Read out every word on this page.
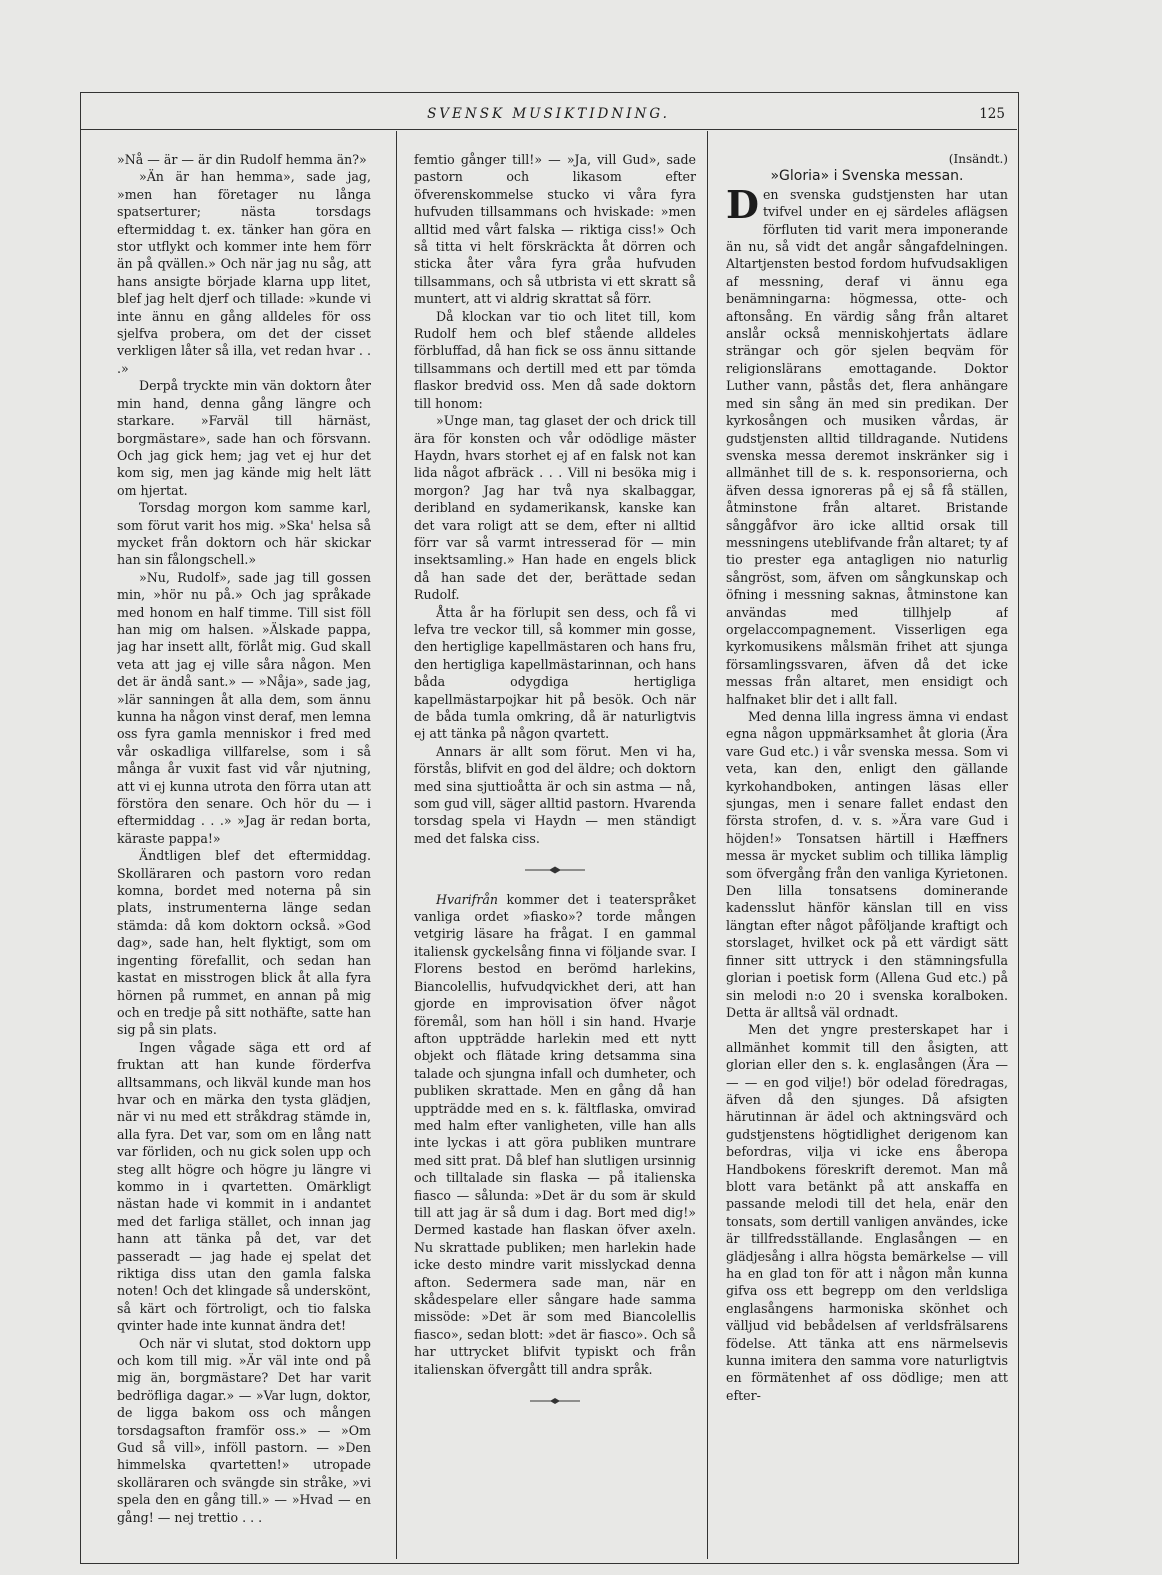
SVENSK MUSIKTIDNING.	125

»Nå — är — är din Rudolf hemma än?»

»Än är han hemma», sade jag, »men han företager nu långa spatserturer; nästa torsdags eftermiddag t. ex. tänker han göra en stor utflykt och kommer inte hem förr än på qvällen.» Och när jag nu såg, att hans ansigte började klarna upp litet, blef jag helt djerf och tillade: »kunde vi inte ännu en gång alldeles för oss sjelfva probera, om det der cisset verkligen låter så illa, vet redan hvar . . .»

Derpå tryckte min vän doktorn åter min hand, denna gång längre och starkare. »Farväl till härnäst, borgmästare», sade han och försvann. Och jag gick hem; jag vet ej hur det kom sig, men jag kände mig helt lätt om hjertat.

Torsdag morgon kom samme karl, som förut varit hos mig. »Ska' helsa så mycket från doktorn och här skickar han sin fålongschell.»

»Nu, Rudolf», sade jag till gossen min, »hör nu på.» Och jag språkade med honom en half timme. Till sist föll han mig om halsen. »Älskade pappa, jag har insett allt, förlåt mig. Gud skall veta att jag ej ville såra någon. Men det är ändå sant.» — »Nåja», sade jag, »lär sanningen åt alla dem, som ännu kunna ha någon vinst deraf, men lemna oss fyra gamla menniskor i fred med vår oskadliga villfarelse, som i så många år vuxit fast vid vår njutning, att vi ej kunna utrota den förra utan att förstöra den senare. Och hör du — i eftermiddag . . .» »Jag är redan borta, käraste pappa!»

Ändtligen blef det eftermiddag. Skolläraren och pastorn voro redan komna, bordet med noterna på sin plats, instrumenterna länge sedan stämda: då kom doktorn också. »God dag», sade han, helt flyktigt, som om ingenting förefallit, och sedan han kastat en misstrogen blick åt alla fyra hörnen på rummet, en annan på mig och en tredje på sitt nothäfte, satte han sig på sin plats.

Ingen vågade säga ett ord af fruktan att han kunde förderfva alltsammans, och likväl kunde man hos hvar och en märka den tysta glädjen, när vi nu med ett stråkdrag stämde in, alla fyra. Det var, som om en lång natt var förliden, och nu gick solen upp och steg allt högre och högre ju längre vi kommo in i qvartetten. Omärkligt nästan hade vi kommit in i andantet med det farliga stället, och innan jag hann att tänka på det, var det passeradt — jag hade ej spelat det riktiga diss utan den gamla falska noten! Och det klingade så underskönt, så kärt och förtroligt, och tio falska qvinter hade inte kunnat ändra det!

Och när vi slutat, stod doktorn upp och kom till mig. »Är väl inte ond på mig än, borgmästare? Det har varit bedröfliga dagar.» — »Var lugn, doktor, de ligga bakom oss och mången torsdagsafton framför oss.» — »Om Gud så vill», inföll pastorn. — »Den himmelska qvartetten!» utropade skolläraren och svängde sin stråke, »vi spela den en gång till.» — »Hvad — en gång! — nej trettio . . .

femtio gånger till!» — »Ja, vill Gud», sade pastorn och likasom efter öfverenskommelse stucko vi våra fyra hufvuden tillsammans och hviskade: »men alltid med vårt falska — riktiga ciss!» Och så titta vi helt förskräckta åt dörren och sticka åter våra fyra gråa hufvuden tillsammans, och så utbrista vi ett skratt så muntert, att vi aldrig skrattat så förr.

Då klockan var tio och litet till, kom Rudolf hem och blef stående alldeles förbluffad, då han fick se oss ännu sittande tillsammans och dertill med ett par tömda flaskor bredvid oss. Men då sade doktorn till honom:

»Unge man, tag glaset der och drick till ära för konsten och vår odödlige mäster Haydn, hvars storhet ej af en falsk not kan lida något afbräck . . . Vill ni besöka mig i morgon? Jag har två nya skalbaggar, deribland en sydamerikansk, kanske kan det vara roligt att se dem, efter ni alltid förr var så varmt intresserad för — min insektsamling.» Han hade en engels blick då han sade det der, berättade sedan Rudolf.

Åtta år ha förlupit sen dess, och få vi lefva tre veckor till, så kommer min gosse, den hertiglige kapellmästaren och hans fru, den hertigliga kapellmästarinnan, och hans båda odygdiga hertigliga kapellmästarpojkar hit på besök. Och när de båda tumla omkring, då är naturligtvis ej att tänka på någon qvartett.

Annars är allt som förut. Men vi ha, förstås, blifvit en god del äldre; och doktorn med sina sjuttioåtta är och sin astma — nå, som gud vill, säger alltid pastorn. Hvarenda torsdag spela vi Haydn — men ständigt med det falska ciss.

Hvarifrån kommer det i teaterspråket vanliga ordet »fiasko»? torde mången vetgirig läsare ha frågat. I en gammal italiensk gyckelsång finna vi följande svar. I Florens bestod en berömd harlekins, Biancolellis, hufvudqvickhet deri, att han gjorde en improvisation öfver något föremål, som han höll i sin hand. Hvarje afton uppträdde harlekin med ett nytt objekt och flätade kring detsamma sina talade och sjungna infall och dumheter, och publiken skrattade. Men en gång då han uppträdde med en s. k. fältflaska, omvirad med halm efter vanligheten, ville han alls inte lyckas i att göra publiken muntrare med sitt prat. Då blef han slutligen ursinnig och tilltalade sin flaska — på italienska fiasco — sålunda: »Det är du som är skuld till att jag är så dum i dag. Bort med dig!» Dermed kastade han flaskan öfver axeln. Nu skrattade publiken; men harlekin hade icke desto mindre varit misslyckad denna afton. Sedermera sade man, när en skådespelare eller sångare hade samma missöde: »Det är som med Biancolellis fiasco», sedan blott: »det är fiasco». Och så har uttrycket blifvit typiskt och från italienskan öfvergått till andra språk.

(Insändt.)

»Gloria» i Svenska messan.

Den svenska gudstjensten har utan tvifvel under en ej särdeles aflägsen förfluten tid varit mera imponerande än nu, så vidt det angår sångafdelningen. Altartjensten bestod fordom hufvudsakligen af messning, deraf vi ännu ega benämningarna: högmessa, otte- och aftonsång. En värdig sång från altaret anslår också menniskohjertats ädlare strängar och gör sjelen beqväm för religionslärans emottagande. Doktor Luther vann, påstås det, flera anhängare med sin sång än med sin predikan. Der kyrkosången och musiken vårdas, är gudstjensten alltid tilldragande. Nutidens svenska messa deremot inskränker sig i allmänhet till de s. k. responsorierna, och äfven dessa ignoreras på ej så få ställen, åtminstone från altaret. Bristande sånggåfvor äro icke alltid orsak till messningens uteblifvande från altaret; ty af tio prester ega antagligen nio naturlig sångröst, som, äfven om sångkunskap och öfning i messning saknas, åtminstone kan användas med tillhjelp af orgelaccompagnement. Visserligen ega kyrkomusikens målsmän frihet att sjunga församlingssvaren, äfven då det icke messas från altaret, men ensidigt och halfnaket blir det i allt fall.

Med denna lilla ingress ämna vi endast egna någon uppmärksamhet åt gloria (Ära vare Gud etc.) i vår svenska messa. Som vi veta, kan den, enligt den gällande kyrkohandboken, antingen läsas eller sjungas, men i senare fallet endast den första strofen, d. v. s. »Ära vare Gud i höjden!» Tonsatsen härtill i Hæffners messa är mycket sublim och tillika lämplig som öfvergång från den vanliga Kyrietonen. Den lilla tonsatsens dominerande kadensslut hänför känslan till en viss längtan efter något påföljande kraftigt och storslaget, hvilket ock på ett värdigt sätt finner sitt uttryck i den stämningsfulla glorian i poetisk form (Allena Gud etc.) på sin melodi n:o 20 i svenska koralboken. Detta är alltså väl ordnadt.

Men det yngre presterskapet har i allmänhet kommit till den åsigten, att glorian eller den s. k. englasången (Ära — — — en god vilje!) bör odelad föredragas, äfven då den sjunges. Då afsigten härutinnan är ädel och aktningsvärd och gudstjenstens högtidlighet derigenom kan befordras, vilja vi icke ens åberopa Handbokens föreskrift deremot. Man må blott vara betänkt på att anskaffa en passande melodi till det hela, enär den tonsats, som dertill vanligen användes, icke är tillfredsställande. Englasången — en glädjesång i allra högsta bemärkelse — vill ha en glad ton för att i någon mån kunna gifva oss ett begrepp om den verldsliga englasångens harmoniska skönhet och välljud vid bebådelsen af verldsfrälsarens födelse. Att tänka att ens närmelsevis kunna imitera den samma vore naturligtvis en förmätenhet af oss dödlige; men att efter-
